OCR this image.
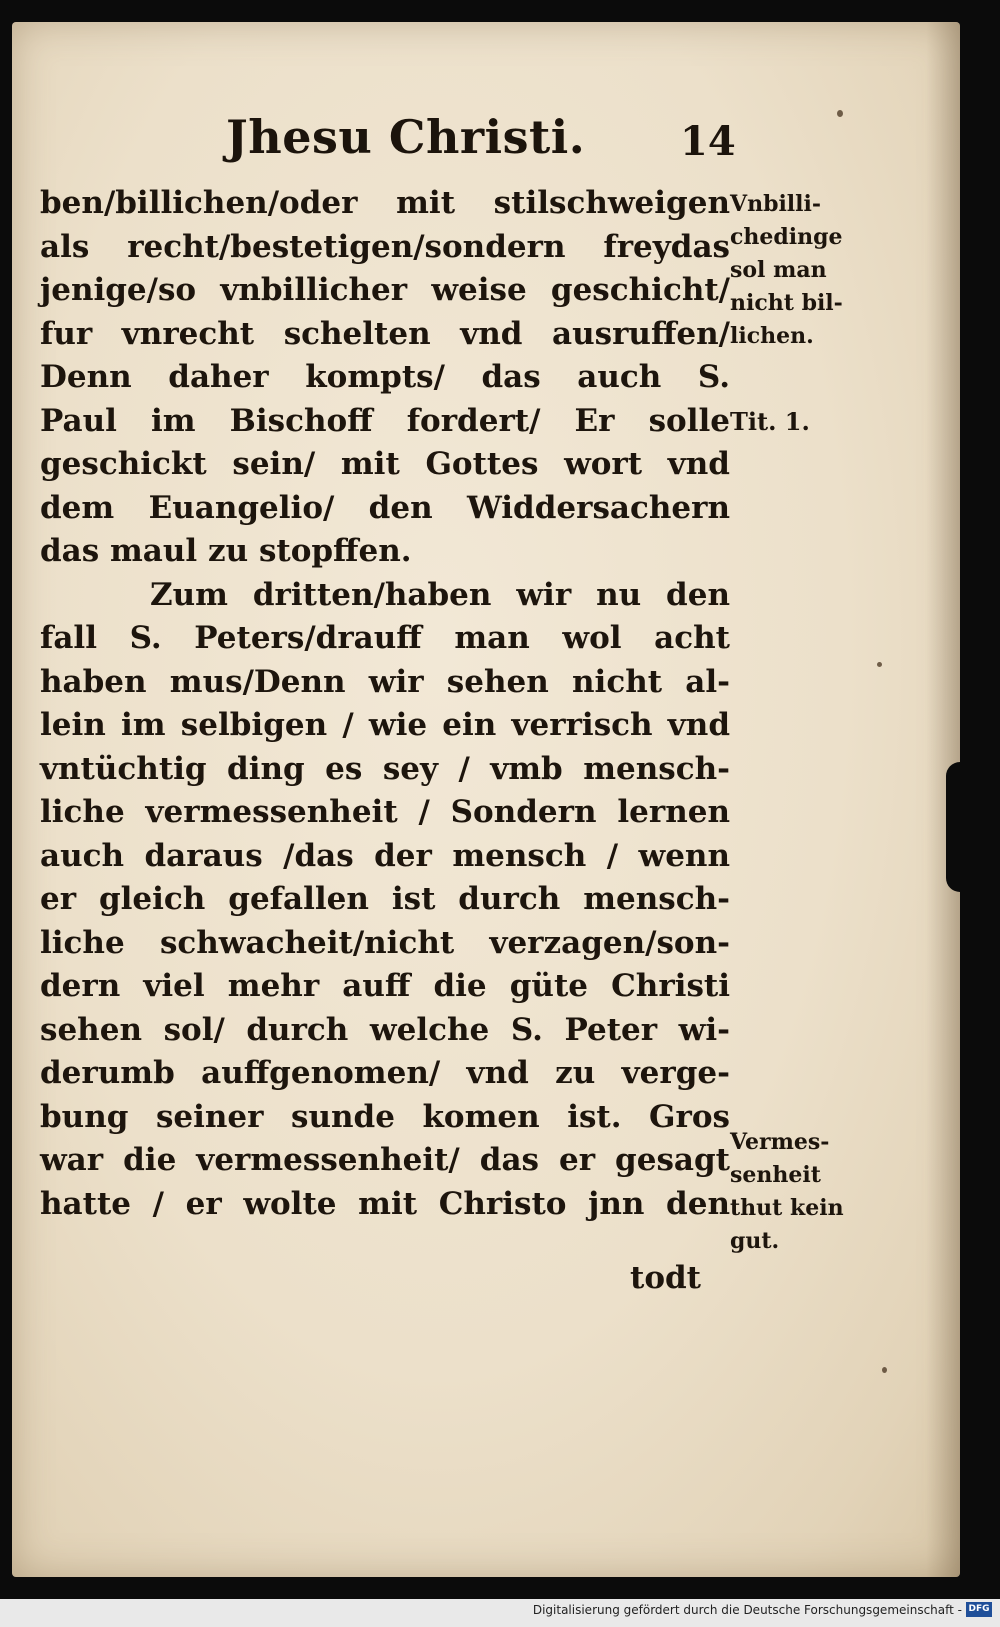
Jhesu Christi. 14
ben/billichen/oder mit stilschweigen
als recht/bestetigen/sondern freydas
jenige/so vnbillicher weise geschicht/
fur vnrecht schelten vnd ausruffen/
Denn daher kompts/ das auch S.
Paul im Bischoff fordert/ Er solle
geschickt sein/ mit Gottes wort vnd
dem Euangelio/ den Widdersachern
das maul zu stopffen.
Zum dritten/haben wir nu den
fall S. Peters/drauff man wol acht
haben mus/Denn wir sehen nicht al-
lein im selbigen / wie ein verrisch vnd
vntüchtig ding es sey / vmb mensch-
liche vermessenheit / Sondern lernen
auch daraus /das der mensch / wenn
er gleich gefallen ist durch mensch-
liche schwacheit/nicht verzagen/son-
dern viel mehr auff die güte Christi
sehen sol/ durch welche S. Peter wi-
derumb auffgenomen/ vnd zu verge-
bung seiner sunde komen ist. Gros
war die vermessenheit/ das er gesagt
hatte / er wolte mit Christo jnn den
todt
Vnbilli-
chedinge
sol man
nicht bil-
lichen.
Tit. 1.
Vermes-
senheit
thut kein
gut.
Digitalisierung gefördert durch die Deutsche Forschungsgemeinschaft - DFG
